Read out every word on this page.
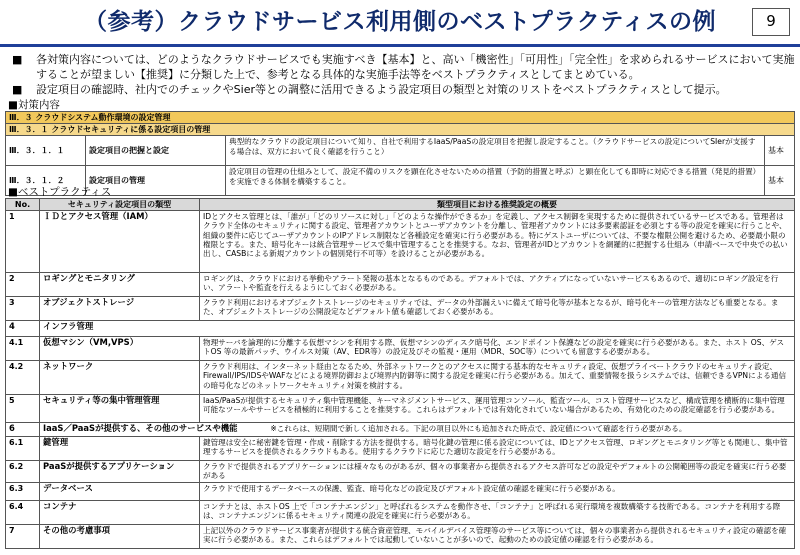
（参考）クラウドサービス利用側のベストプラクティスの例	9
■ 各対策内容については、どのようなクラウドサービスでも実施すべき【基本】と、高い「機密性」「可用性」「完全性」を求められるサービスにおいて実施することが望ましい【推奨】に分類した上で、参考となる具体的な実施手法等をベストプラクティスとしてまとめている。
■ 設定項目の確認時、社内でのチェックやSier等との調整に活用できるよう設定項目の類型と対策のリストをベストプラクティスとして提示。
■対策内容
Ⅲ．３ クラウドシステム動作環境の設定管理			
Ⅲ．３．１ クラウドセキュリティに係る設定項目の管理			
Ⅲ．３．１．１	設定項目の把握と設定	典型的なクラウドの設定項目について知り、自社で利用するIaaS/PaaSの設定項目を把握し設定すること。（クラウドサービスの設定についてSIerが支援する場合は、双方において良く確認を行うこと）	基本
Ⅲ．３．１．２	設定項目の管理	設定項目の管理の仕組みとして、設定不備のリスクを顕在化させないための措置（予防的措置と呼ぶ）と顕在化しても即時に対応できる措置（発見的措置）を実施できる体制を構築すること。	基本
■ベストプラクティス
No.	セキュリティ設定項目の類型	類型項目における推奨設定の概要
1	ＩＤとアクセス管理（IAM）	IDとアクセス管理とは、「誰が」「どのリソースに対し」「どのような操作ができるか」を定義し、アクセス制御を実現するために提供されているサービスである。管理者はクラウド全体のセキュリティに関する設定、管理者アカウントとユーザアカウントを分離し、管理者アカウントには多要素認証を必須とする等の設定を確実に行うことや、組織の要件に応じてユーザアカウントのIPアドレス制限など各種設定を確実に行う必要がある。特にゲストユーザについては、不要な権限公開を避けるため、必要最小限の権限とする。また、暗号化キーは統合管理サービスで集中管理することを推奨する。なお、管理者がIDとアカウントを網羅的に把握する仕組み（申請ベースで中央での払い出し、CASBによる新規アカウントの個別発行不可等）を設けることが必要がある。
2	ロギングとモニタリング	ロギングは、クラウドにおける挙動やアラート発報の基本となるものである。デフォルトでは、アクティブになっていないサービスもあるので、適切にロギング設定を行い、アラートや監査を行えるようにしておく必要がある。
3	オブジェクトストレージ	クラウド利用におけるオブジェクトストレージのセキュリティでは、データの外部漏えいに備えて暗号化等が基本となるが、暗号化キーの管理方法なども重要となる。また、オブジェクトストレージの公開設定などデフォルト値も確認しておく必要がある。
4	インフラ管理	
4.1	仮想マシン（VM,VPS）	物理サーバを論理的に分離する仮想マシンを利用する際、仮想マシンのディスク暗号化、エンドポイント保護などの設定を確実に行う必要がある。また、ホスト OS、ゲストOS 等の最新パッチ、ウイルス対策（AV、EDR等）の設定及びその監視・運用（MDR、SOC等）についても留意する必要がある。
4.2	ネットワーク	クラウド利用は、インターネット経由となるため、外部ネットワークとのアクセスに関する基本的なセキュリティ設定、仮想プライベートクラウドのセキュリティ設定、Firewall/IPS/IDSやWAFなどによる境界防御および境界内防御等に関する設定を確実に行う必要がある。加えて、重要情報を扱うシステムでは、信頼できるVPNによる通信の暗号化などのネットワークセキュリティ対策を検討する。
5	セキュリティ等の集中管理管理	IaaS/PaaSが提供するセキュリティ集中管理機能、キーマネジメントサービス、運用管理コンソール、監査ツール、コスト管理サービスなど、構成管理を横断的に集中管理可能なツールやサービスを積極的に利用することを推奨する。これらはデフォルトでは有効化されていない場合があるため、有効化のための設定確認を行う必要がある。
6	IaaS／PaaSが提供する、その他のサービスや機能 ※これらは、短期間で新しく追加される。下記の項目以外にも追加された時点で、設定値について確認を行う必要がある。	
6.1	鍵管理	鍵管理は安全に秘密鍵を管理・作成・削除する方法を提供する。暗号化鍵の管理に係る設定については、IDとアクセス管理、ロギングとモニタリング等とも関連し、集中管理するサービスを提供されるクラウドもある。使用するクラウドに応じた適切な設定を行う必要がある。
6.2	PaaSが提供するアプリケーション	クラウドで提供されるアプリケーションには様々なものがあるが、個々の事業者から提供されるアクセス許可などの設定やデフォルトの公開範囲等の設定を確実に行う必要がある
6.3	データベース	クラウドで使用するデータベースの保護、監査、暗号化などの設定及びデフォルト設定値の確認を確実に行う必要がある。
6.4	コンテナ	コンテナとは、ホストOS 上で「コンテナエンジン」と呼ばれるシステムを動作させ、「コンテナ」と呼ばれる実行環境を複数構築する技術である。コンテナを利用する際は、コンテナエンジンに係るセキュリティ関連の設定を確実に行う必要がある。
7	その他の考慮事項	上記以外のクラウドサービス事業者が提供する統合資産管理、モバイルデバイス管理等のサービス等については、個々の事業者から提供されるセキュリティ設定の確認を確実に行う必要がある。また、これらはデフォルトでは起動していないことが多いので、起動のための設定値の確認を行う必要がある。
